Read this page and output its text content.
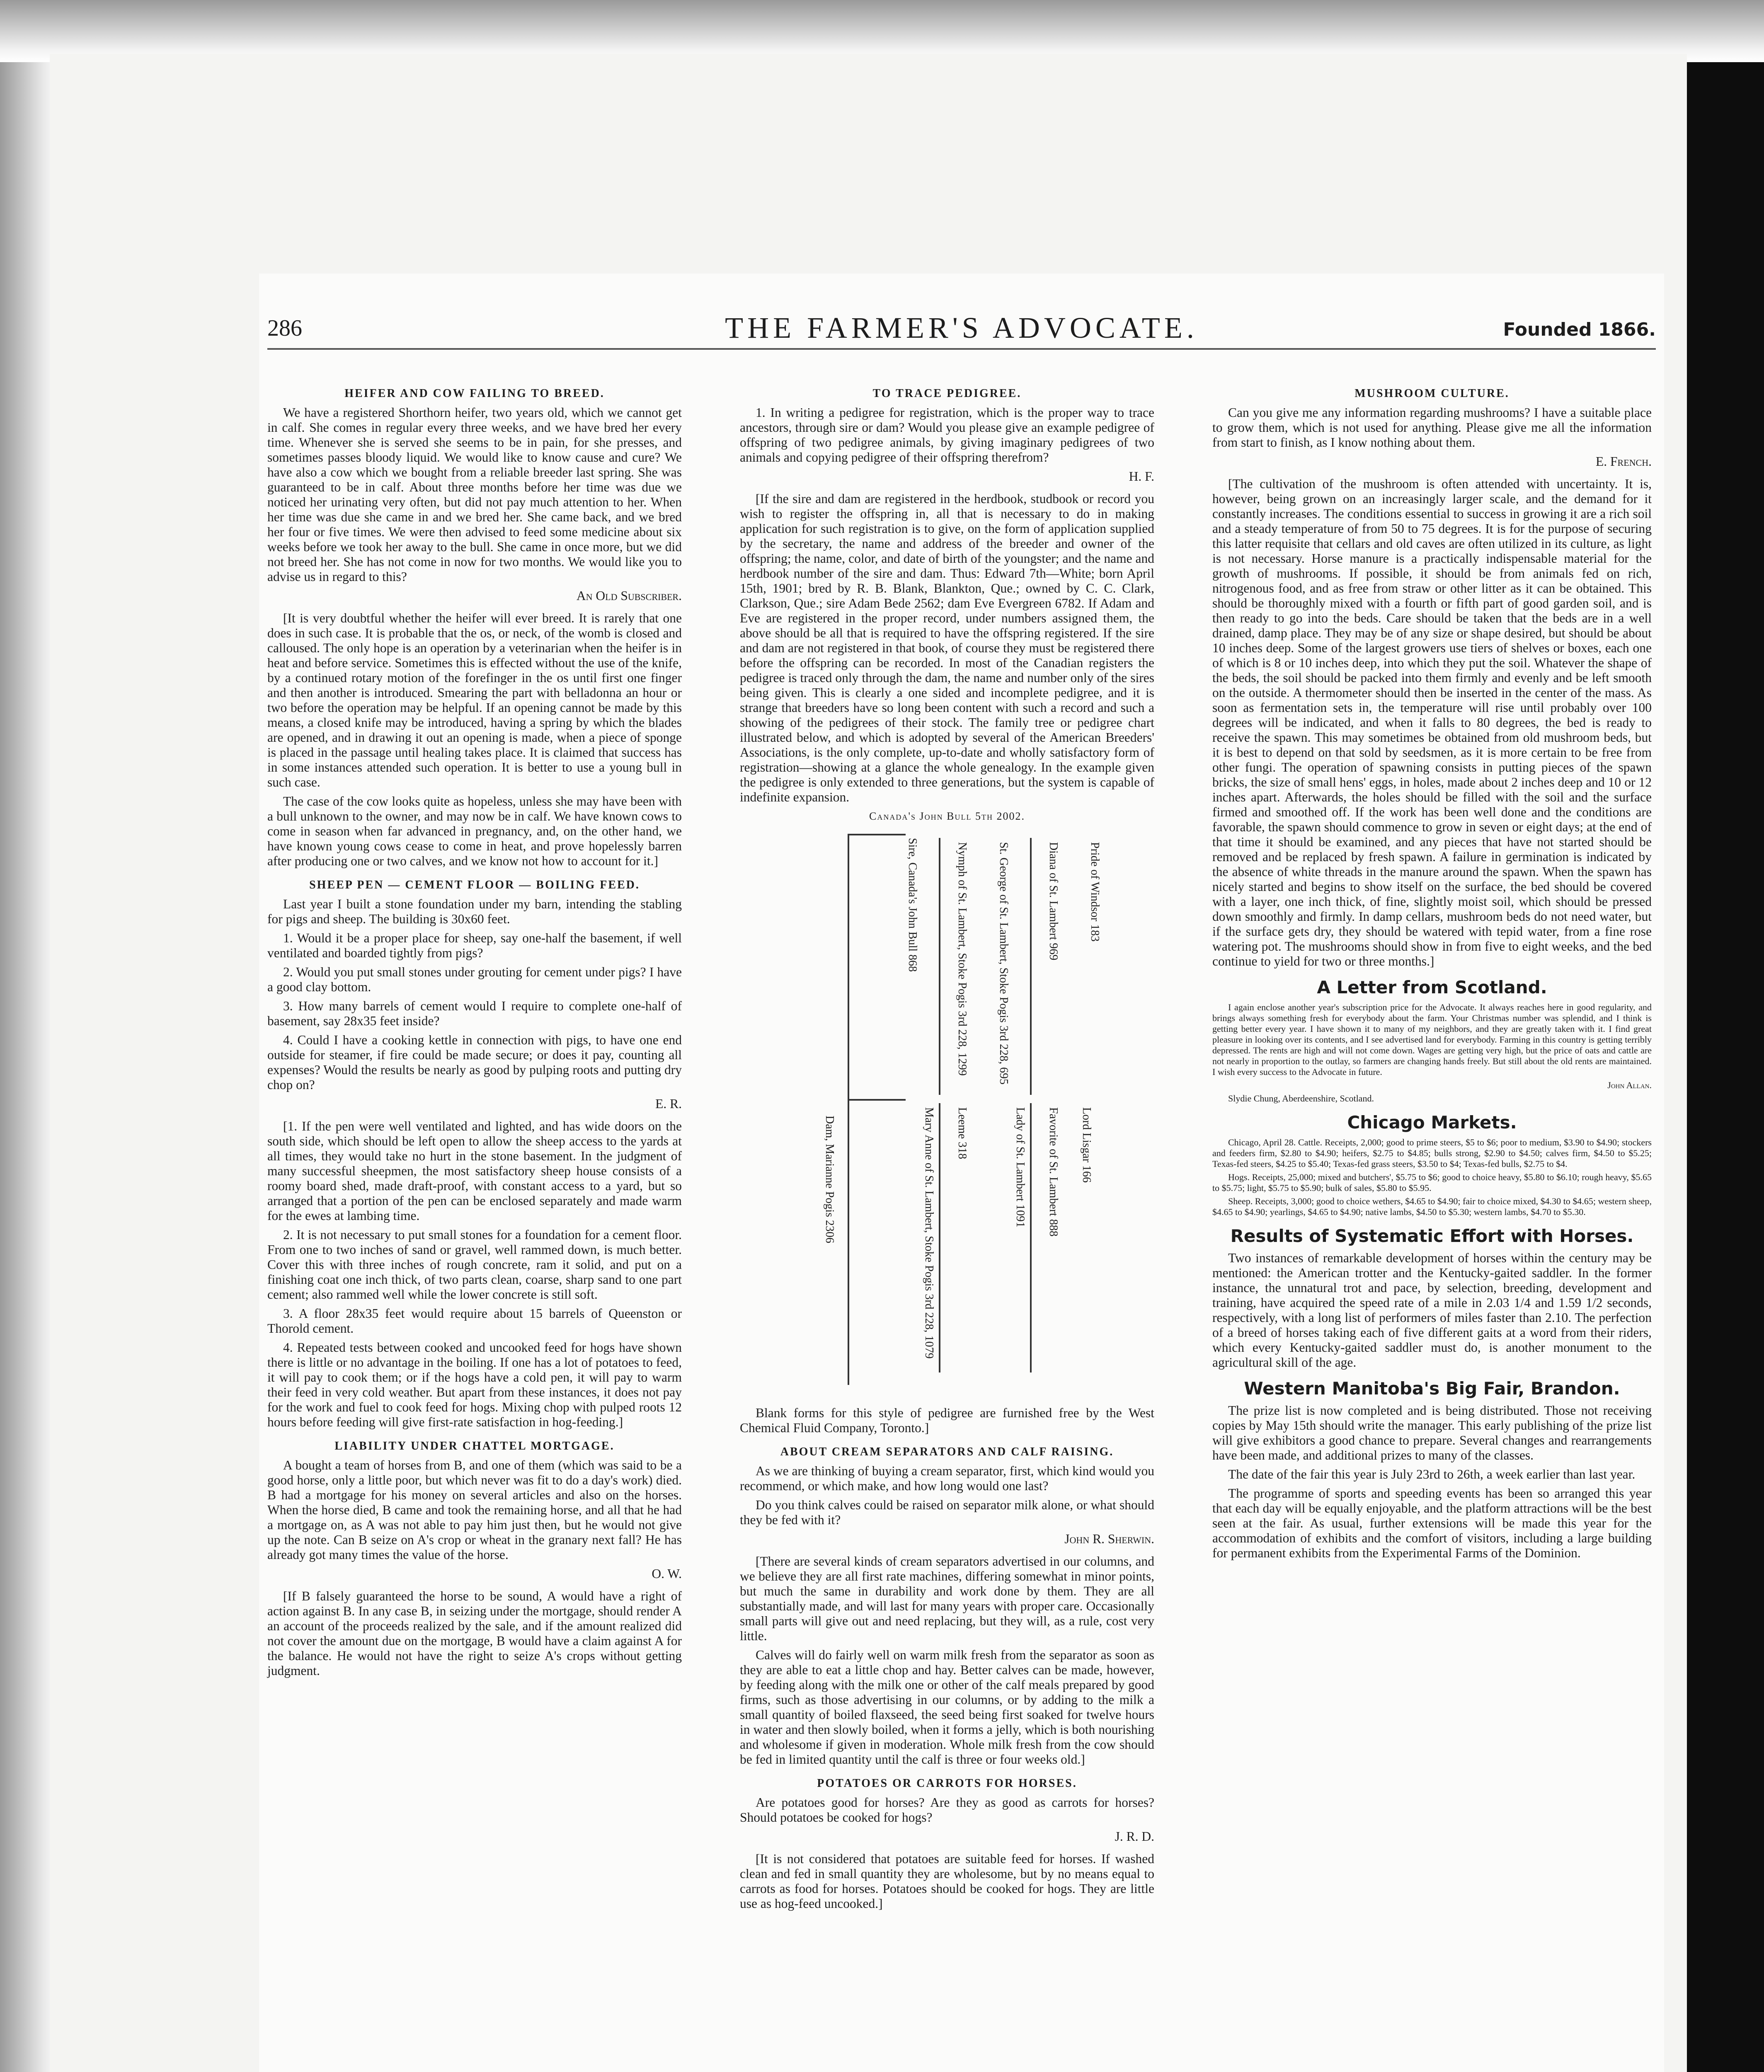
286	THE FARMER'S ADVOCATE.	Founded 1866.

HEIFER AND COW FAILING TO BREED.

We have a registered Shorthorn heifer, two years old, which we cannot get in calf. She comes in regular every three weeks, and we have bred her every time. Whenever she is served she seems to be in pain, for she presses, and sometimes passes bloody liquid. We would like to know cause and cure? We have also a cow which we bought from a reliable breeder last spring. She was guaranteed to be in calf. About three months before her time was due we noticed her urinating very often, but did not pay much attention to her. When her time was due she came in and we bred her. She came back, and we bred her four or five times. We were then advised to feed some medicine about six weeks before we took her away to the bull. She came in once more, but we did not breed her. She has not come in now for two months. We would like you to advise us in regard to this?

An Old Subscriber.

[It is very doubtful whether the heifer will ever breed. It is rarely that one does in such case. It is probable that the os, or neck, of the womb is closed and calloused. The only hope is an operation by a veterinarian when the heifer is in heat and before service. Sometimes this is effected without the use of the knife, by a continued rotary motion of the forefinger in the os until first one finger and then another is introduced. Smearing the part with belladonna an hour or two before the operation may be helpful. If an opening cannot be made by this means, a closed knife may be introduced, having a spring by which the blades are opened, and in drawing it out an opening is made, when a piece of sponge is placed in the passage until healing takes place. It is claimed that success has in some instances attended such operation. It is better to use a young bull in such case.

The case of the cow looks quite as hopeless, unless she may have been with a bull unknown to the owner, and may now be in calf. We have known cows to come in season when far advanced in pregnancy, and, on the other hand, we have known young cows cease to come in heat, and prove hopelessly barren after producing one or two calves, and we know not how to account for it.]

SHEEP PEN — CEMENT FLOOR — BOILING FEED.

Last year I built a stone foundation under my barn, intending the stabling for pigs and sheep. The building is 30x60 feet.

1. Would it be a proper place for sheep, say one-half the basement, if well ventilated and boarded tightly from pigs?

2. Would you put small stones under grouting for cement under pigs? I have a good clay bottom.

3. How many barrels of cement would I require to complete one-half of basement, say 28x35 feet inside?

4. Could I have a cooking kettle in connection with pigs, to have one end outside for steamer, if fire could be made secure; or does it pay, counting all expenses? Would the results be nearly as good by pulping roots and putting dry chop on?

E. R.

[1. If the pen were well ventilated and lighted, and has wide doors on the south side, which should be left open to allow the sheep access to the yards at all times, they would take no hurt in the stone basement. In the judgment of many successful sheepmen, the most satisfactory sheep house consists of a roomy board shed, made draft-proof, with constant access to a yard, but so arranged that a portion of the pen can be enclosed separately and made warm for the ewes at lambing time.

2. It is not necessary to put small stones for a foundation for a cement floor. From one to two inches of sand or gravel, well rammed down, is much better. Cover this with three inches of rough concrete, ram it solid, and put on a finishing coat one inch thick, of two parts clean, coarse, sharp sand to one part cement; also rammed well while the lower concrete is still soft.

3. A floor 28x35 feet would require about 15 barrels of Queenston or Thorold cement.

4. Repeated tests between cooked and uncooked feed for hogs have shown there is little or no advantage in the boiling. If one has a lot of potatoes to feed, it will pay to cook them; or if the hogs have a cold pen, it will pay to warm their feed in very cold weather. But apart from these instances, it does not pay for the work and fuel to cook feed for hogs. Mixing chop with pulped roots 12 hours before feeding will give first-rate satisfaction in hog-feeding.]

LIABILITY UNDER CHATTEL MORTGAGE.

A bought a team of horses from B, and one of them (which was said to be a good horse, only a little poor, but which never was fit to do a day's work) died. B had a mortgage for his money on several articles and also on the horses. When the horse died, B came and took the remaining horse, and all that he had a mortgage on, as A was not able to pay him just then, but he would not give up the note. Can B seize on A's crop or wheat in the granary next fall? He has already got many times the value of the horse.

O. W.

[If B falsely guaranteed the horse to be sound, A would have a right of action against B. In any case B, in seizing under the mortgage, should render A an account of the proceeds realized by the sale, and if the amount realized did not cover the amount due on the mortgage, B would have a claim against A for the balance. He would not have the right to seize A's crops without getting judgment.

TO TRACE PEDIGREE.

1. In writing a pedigree for registration, which is the proper way to trace ancestors, through sire or dam? Would you please give an example pedigree of offspring of two pedigree animals, by giving imaginary pedigrees of two animals and copying pedigree of their offspring therefrom?

H. F.

[If the sire and dam are registered in the herdbook, studbook or record you wish to register the offspring in, all that is necessary to do in making application for such registration is to give, on the form of application supplied by the secretary, the name and address of the breeder and owner of the offspring; the name, color, and date of birth of the youngster; and the name and herdbook number of the sire and dam. Thus: Edward 7th—White; born April 15th, 1901; bred by R. B. Blank, Blankton, Que.; owned by C. C. Clark, Clarkson, Que.; sire Adam Bede 2562; dam Eve Evergreen 6782. If Adam and Eve are registered in the proper record, under numbers assigned them, the above should be all that is required to have the offspring registered. If the sire and dam are not registered in that book, of course they must be registered there before the offspring can be recorded. In most of the Canadian registers the pedigree is traced only through the dam, the name and number only of the sires being given. This is clearly a one sided and incomplete pedigree, and it is strange that breeders have so long been content with such a record and such a showing of the pedigrees of their stock. The family tree or pedigree chart illustrated below, and which is adopted by several of the American Breeders' Associations, is the only complete, up-to-date and wholly satisfactory form of registration—showing at a glance the whole genealogy. In the example given the pedigree is only extended to three generations, but the system is capable of indefinite expansion.

Canada's John Bull 5th 2002.
Dam, Marianne Pogis 2306
Sire, Canada's John Bull 868
Mary Anne of St. Lambert, Stoke Pogis 3rd 228, 1079 Leeme 318
Nymph of St. Lambert, Stoke Pogis 3rd 228, 1299 St. George of St. Lambert, Stoke Pogis 3rd 228, 695
Lady of St. Lambert 1091 Favorite of St. Lambert 888 Lord Lisgar 166
Diana of St. Lambert 969 Pride of Windsor 183

Blank forms for this style of pedigree are furnished free by the West Chemical Fluid Company, Toronto.]

ABOUT CREAM SEPARATORS AND CALF RAISING.

As we are thinking of buying a cream separator, first, which kind would you recommend, or which make, and how long would one last?

Do you think calves could be raised on separator milk alone, or what should they be fed with it?

John R. Sherwin.

[There are several kinds of cream separators advertised in our columns, and we believe they are all first rate machines, differing somewhat in minor points, but much the same in durability and work done by them. They are all substantially made, and will last for many years with proper care. Occasionally small parts will give out and need replacing, but they will, as a rule, cost very little.

Calves will do fairly well on warm milk fresh from the separator as soon as they are able to eat a little chop and hay. Better calves can be made, however, by feeding along with the milk one or other of the calf meals prepared by good firms, such as those advertising in our columns, or by adding to the milk a small quantity of boiled flaxseed, the seed being first soaked for twelve hours in water and then slowly boiled, when it forms a jelly, which is both nourishing and wholesome if given in moderation. Whole milk fresh from the cow should be fed in limited quantity until the calf is three or four weeks old.]

POTATOES OR CARROTS FOR HORSES.

Are potatoes good for horses? Are they as good as carrots for horses? Should potatoes be cooked for hogs?

J. R. D.

[It is not considered that potatoes are suitable feed for horses. If washed clean and fed in small quantity they are wholesome, but by no means equal to carrots as food for horses. Potatoes should be cooked for hogs. They are little use as hog-feed uncooked.]

MUSHROOM CULTURE.

Can you give me any information regarding mushrooms? I have a suitable place to grow them, which is not used for anything. Please give me all the information from start to finish, as I know nothing about them.

E. French.

[The cultivation of the mushroom is often attended with uncertainty. It is, however, being grown on an increasingly larger scale, and the demand for it constantly increases. The conditions essential to success in growing it are a rich soil and a steady temperature of from 50 to 75 degrees. It is for the purpose of securing this latter requisite that cellars and old caves are often utilized in its culture, as light is not necessary. Horse manure is a practically indispensable material for the growth of mushrooms. If possible, it should be from animals fed on rich, nitrogenous food, and as free from straw or other litter as it can be obtained. This should be thoroughly mixed with a fourth or fifth part of good garden soil, and is then ready to go into the beds. Care should be taken that the beds are in a well drained, damp place. They may be of any size or shape desired, but should be about 10 inches deep. Some of the largest growers use tiers of shelves or boxes, each one of which is 8 or 10 inches deep, into which they put the soil. Whatever the shape of the beds, the soil should be packed into them firmly and evenly and be left smooth on the outside. A thermometer should then be inserted in the center of the mass. As soon as fermentation sets in, the temperature will rise until probably over 100 degrees will be indicated, and when it falls to 80 degrees, the bed is ready to receive the spawn. This may sometimes be obtained from old mushroom beds, but it is best to depend on that sold by seedsmen, as it is more certain to be free from other fungi. The operation of spawning consists in putting pieces of the spawn bricks, the size of small hens' eggs, in holes, made about 2 inches deep and 10 or 12 inches apart. Afterwards, the holes should be filled with the soil and the surface firmed and smoothed off. If the work has been well done and the conditions are favorable, the spawn should commence to grow in seven or eight days; at the end of that time it should be examined, and any pieces that have not started should be removed and be replaced by fresh spawn. A failure in germination is indicated by the absence of white threads in the manure around the spawn. When the spawn has nicely started and begins to show itself on the surface, the bed should be covered with a layer, one inch thick, of fine, slightly moist soil, which should be pressed down smoothly and firmly. In damp cellars, mushroom beds do not need water, but if the surface gets dry, they should be watered with tepid water, from a fine rose watering pot. The mushrooms should show in from five to eight weeks, and the bed continue to yield for two or three months.]

A Letter from Scotland.

I again enclose another year's subscription price for the Advocate. It always reaches here in good regularity, and brings always something fresh for everybody about the farm. Your Christmas number was splendid, and I think is getting better every year. I have shown it to many of my neighbors, and they are greatly taken with it. I find great pleasure in looking over its contents, and I see advertised land for everybody. Farming in this country is getting terribly depressed. The rents are high and will not come down. Wages are getting very high, but the price of oats and cattle are not nearly in proportion to the outlay, so farmers are changing hands freely. But still about the old rents are maintained. I wish every success to the Advocate in future.

John Allan.

Slydie Chung, Aberdeenshire, Scotland.

Chicago Markets.

Chicago, April 28. Cattle. Receipts, 2,000; good to prime steers, $5 to $6; poor to medium, $3.90 to $4.90; stockers and feeders firm, $2.80 to $4.90; heifers, $2.75 to $4.85; bulls strong, $2.90 to $4.50; calves firm, $4.50 to $5.25; Texas-fed steers, $4.25 to $5.40; Texas-fed grass steers, $3.50 to $4; Texas-fed bulls, $2.75 to $4.

Hogs. Receipts, 25,000; mixed and butchers', $5.75 to $6; good to choice heavy, $5.80 to $6.10; rough heavy, $5.65 to $5.75; light, $5.75 to $5.90; bulk of sales, $5.80 to $5.95.

Sheep. Receipts, 3,000; good to choice wethers, $4.65 to $4.90; fair to choice mixed, $4.30 to $4.65; western sheep, $4.65 to $4.90; yearlings, $4.65 to $4.90; native lambs, $4.50 to $5.30; western lambs, $4.70 to $5.30.

Results of Systematic Effort with Horses.

Two instances of remarkable development of horses within the century may be mentioned: the American trotter and the Kentucky-gaited saddler. In the former instance, the unnatural trot and pace, by selection, breeding, development and training, have acquired the speed rate of a mile in 2.03 1/4 and 1.59 1/2 seconds, respectively, with a long list of performers of miles faster than 2.10. The perfection of a breed of horses taking each of five different gaits at a word from their riders, which every Kentucky-gaited saddler must do, is another monument to the agricultural skill of the age.

Western Manitoba's Big Fair, Brandon.

The prize list is now completed and is being distributed. Those not receiving copies by May 15th should write the manager. This early publishing of the prize list will give exhibitors a good chance to prepare. Several changes and rearrangements have been made, and additional prizes to many of the classes.

The date of the fair this year is July 23rd to 26th, a week earlier than last year.

The programme of sports and speeding events has been so arranged this year that each day will be equally enjoyable, and the platform attractions will be the best seen at the fair. As usual, further extensions will be made this year for the accommodation of exhibits and the comfort of visitors, including a large building for permanent exhibits from the Experimental Farms of the Dominion.
